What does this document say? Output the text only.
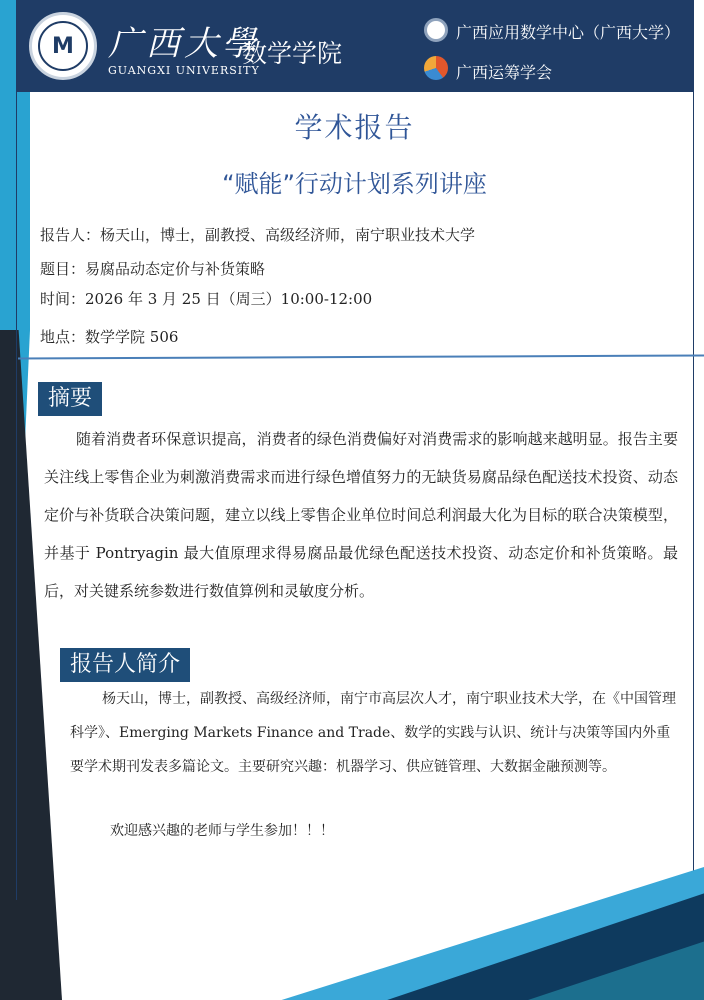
M	广西大學
GUANGXI UNIVERSITY
数学学院
广西应用数学中心（广西大学）
广西运筹学会
学术报告
“赋能”行动计划系列讲座
报告人：杨天山，博士，副教授、高级经济师，南宁职业技术大学
题目：易腐品动态定价与补货策略
时间：2026 年 3 月 25 日（周三）10:00-12:00
地点：数学学院 506
摘要
随着消费者环保意识提高，消费者的绿色消费偏好对消费需求的影响越来越明显。报告主要关注线上零售企业为刺激消费需求而进行绿色增值努力的无缺货易腐品绿色配送技术投资、动态定价与补货联合决策问题，建立以线上零售企业单位时间总利润最大化为目标的联合决策模型，并基于 Pontryagin 最大值原理求得易腐品最优绿色配送技术投资、动态定价和补货策略。最后，对关键系统参数进行数值算例和灵敏度分析。
报告人简介
杨天山，博士，副教授、高级经济师，南宁市高层次人才，南宁职业技术大学，在《中国管理科学》、Emerging Markets Finance and Trade、数学的实践与认识、统计与决策等国内外重要学术期刊发表多篇论文。主要研究兴趣：机器学习、供应链管理、大数据金融预测等。
欢迎感兴趣的老师与学生参加！！！
